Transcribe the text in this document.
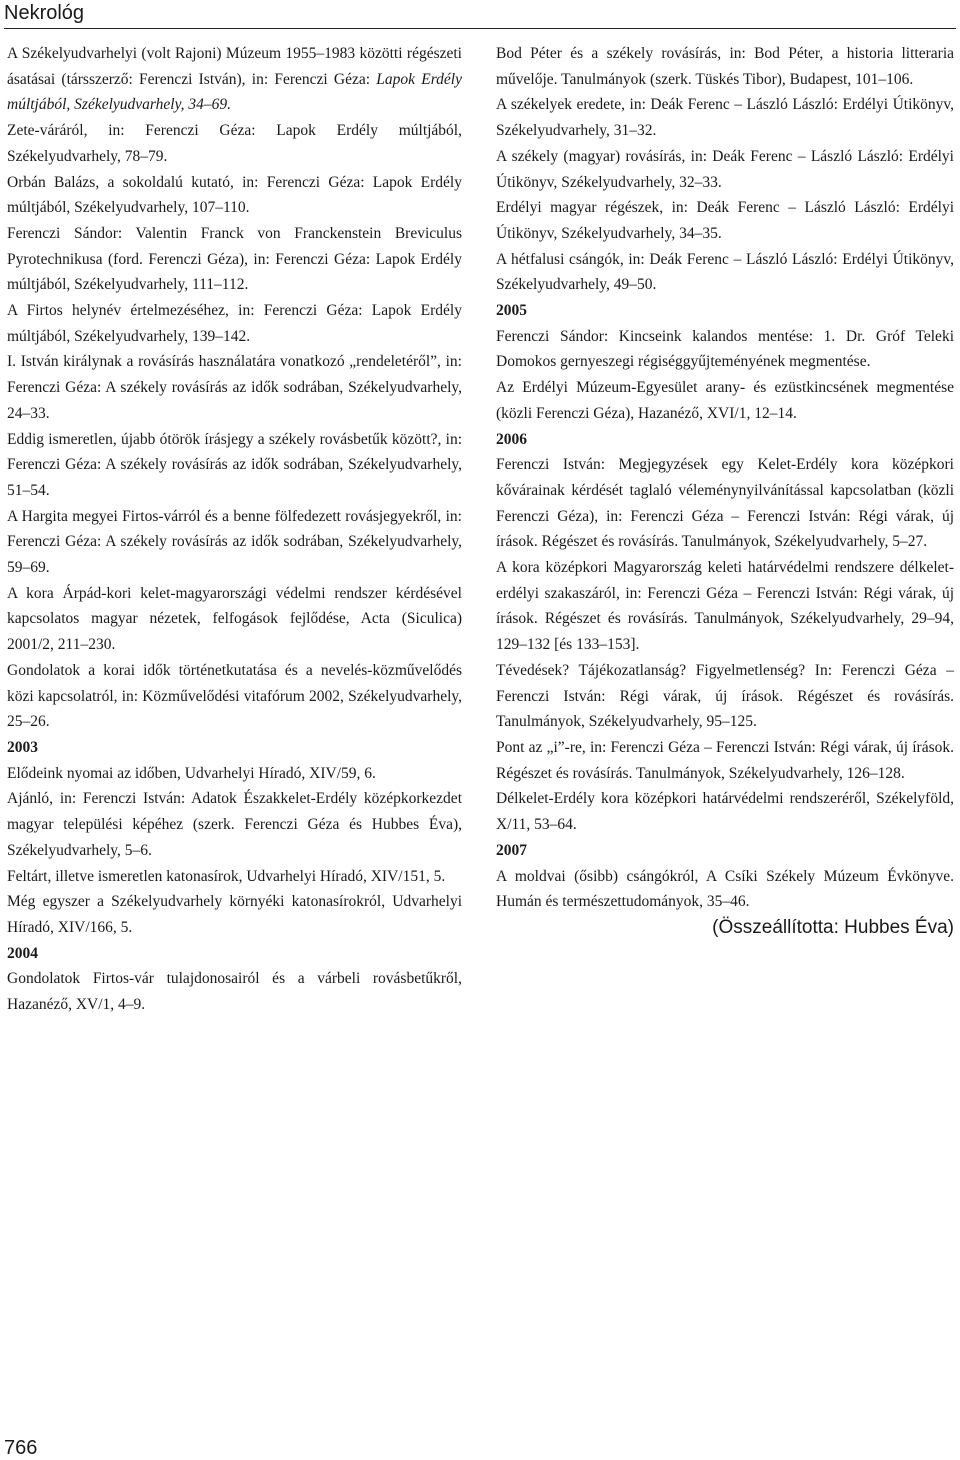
Nekrológ

A Székelyudvarhelyi (volt Rajoni) Múzeum 1955–1983 közötti régészeti ásatásai (társszerző: Ferenczi István), in: Ferenczi Géza: Lapok Erdély múltjából, Székelyudvarhely, 34–69.

Zete-váráról, in: Ferenczi Géza: Lapok Erdély múltjából, Székelyudvarhely, 78–79.

Orbán Balázs, a sokoldalú kutató, in: Ferenczi Géza: Lapok Erdély múltjából, Székelyudvarhely, 107–110.

Ferenczi Sándor: Valentin Franck von Franckenstein Breviculus Pyrotechnikusa (ford. Ferenczi Géza), in: Ferenczi Géza: Lapok Erdély múltjából, Székelyudvarhely, 111–112.

A Firtos helynév értelmezéséhez, in: Ferenczi Géza: Lapok Erdély múltjából, Székelyudvarhely, 139–142.

I. István királynak a rovásírás használatára vonatkozó „rendeletéről”, in: Ferenczi Géza: A székely rovásírás az idők sodrában, Székelyudvarhely, 24–33.

Eddig ismeretlen, újabb ótörök írásjegy a székely rovásbetűk között?, in: Ferenczi Géza: A székely rovásírás az idők sodrában, Székelyudvarhely, 51–54.

A Hargita megyei Firtos-várról és a benne fölfedezett rovásjegyekről, in: Ferenczi Géza: A székely rovásírás az idők sodrában, Székelyudvarhely, 59–69.

A kora Árpád-kori kelet-magyarországi védelmi rendszer kérdésével kapcsolatos magyar nézetek, felfogások fejlődése, Acta (Siculica) 2001/2, 211–230.

Gondolatok a korai idők történetkutatása és a nevelés-közművelődés közi kapcsolatról, in: Közművelődési vitafórum 2002, Székelyudvarhely, 25–26.

2003

Elődeink nyomai az időben, Udvarhelyi Híradó, XIV/59, 6.

Ajánló, in: Ferenczi István: Adatok Északkelet-Erdély középkorkezdet magyar települési képéhez (szerk. Ferenczi Géza és Hubbes Éva), Székelyudvarhely, 5–6.

Feltárt, illetve ismeretlen katonasírok, Udvarhelyi Híradó, XIV/151, 5.

Még egyszer a Székelyudvarhely környéki katonasírokról, Udvarhelyi Híradó, XIV/166, 5.

2004

Gondolatok Firtos-vár tulajdonosairól és a várbeli rovásbetűkről, Hazanéző, XV/1, 4–9.

Bod Péter és a székely rovásírás, in: Bod Péter, a historia litteraria művelője. Tanulmányok (szerk. Tüskés Tibor), Budapest, 101–106.

A székelyek eredete, in: Deák Ferenc – László László: Erdélyi Útikönyv, Székelyudvarhely, 31–32.

A székely (magyar) rovásírás, in: Deák Ferenc – László László: Erdélyi Útikönyv, Székelyudvarhely, 32–33.

Erdélyi magyar régészek, in: Deák Ferenc – László László: Erdélyi Útikönyv, Székelyudvarhely, 34–35.

A hétfalusi csángók, in: Deák Ferenc – László László: Erdélyi Útikönyv, Székelyudvarhely, 49–50.

2005

Ferenczi Sándor: Kincseink kalandos mentése: 1. Dr. Gróf Teleki Domokos gernyeszegi régiséggyűjteményének megmentése.

Az Erdélyi Múzeum-Egyesület arany- és ezüstkincsének megmentése (közli Ferenczi Géza), Hazanéző, XVI/1, 12–14.

2006

Ferenczi István: Megjegyzések egy Kelet-Erdély kora középkori kővárainak kérdését taglaló véleménynyilvánítással kapcsolatban (közli Ferenczi Géza), in: Ferenczi Géza – Ferenczi István: Régi várak, új írások. Régészet és rovásírás. Tanulmányok, Székelyudvarhely, 5–27.

A kora középkori Magyarország keleti határvédelmi rendszere délkelet-erdélyi szakaszáról, in: Ferenczi Géza – Ferenczi István: Régi várak, új írások. Régészet és rovásírás. Tanulmányok, Székelyudvarhely, 29–94, 129–132 [és 133–153].

Tévedések? Tájékozatlanság? Figyelmetlenség? In: Ferenczi Géza – Ferenczi István: Régi várak, új írások. Régészet és rovásírás. Tanulmányok, Székelyudvarhely, 95–125.

Pont az „i”-re, in: Ferenczi Géza – Ferenczi István: Régi várak, új írások. Régészet és rovásírás. Tanulmányok, Székelyudvarhely, 126–128.

Délkelet-Erdély kora középkori határvédelmi rendszeréről, Székelyföld, X/11, 53–64.

2007

A moldvai (ősibb) csángókról, A Csíki Székely Múzeum Évkönyve. Humán és természettudományok, 35–46.

(Összeállította: Hubbes Éva)

766
